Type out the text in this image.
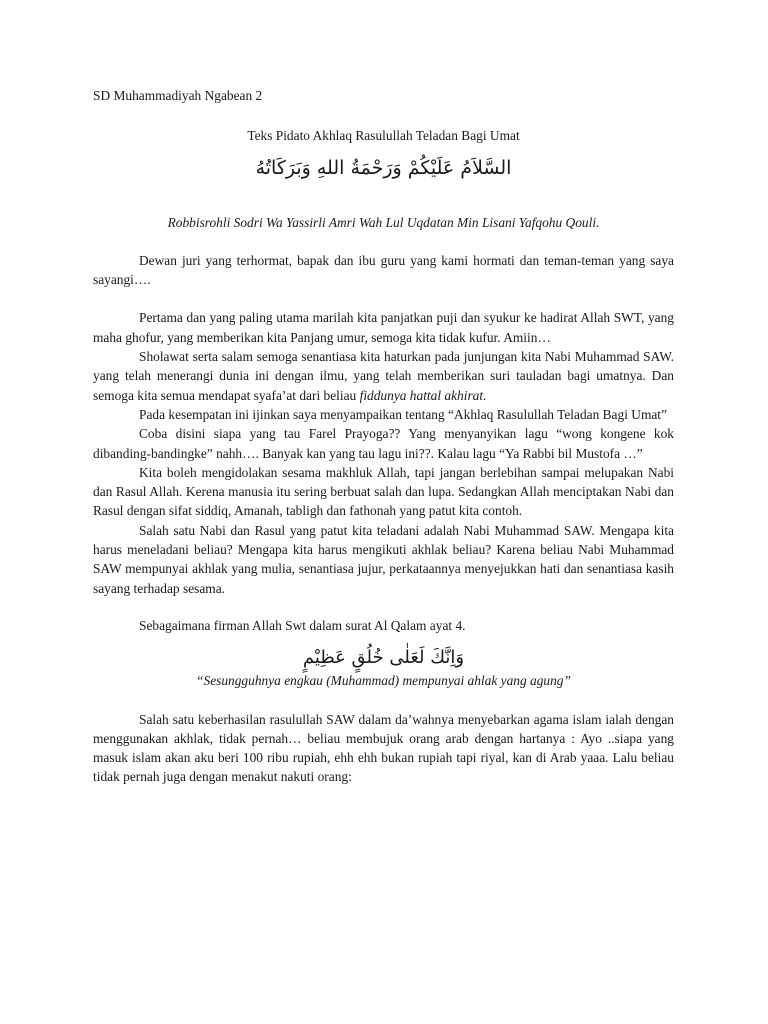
SD Muhammadiyah Ngabean 2

Teks Pidato Akhlaq Rasulullah Teladan Bagi Umat

السَّلاَمُ عَلَيْكُمْ وَرَحْمَةُ اللهِ وَبَرَكَاتُهُ

Robbisrohli Sodri Wa Yassirli Amri Wah Lul Uqdatan Min Lisani Yafqohu Qouli.

Dewan juri yang terhormat, bapak dan ibu guru yang kami hormati dan teman-teman yang saya sayangi….

Pertama dan yang paling utama marilah kita panjatkan puji dan syukur ke hadirat Allah SWT, yang maha ghofur, yang memberikan kita Panjang umur, semoga kita tidak kufur. Amiin…

Sholawat serta salam semoga senantiasa kita haturkan pada junjungan kita Nabi Muhammad SAW. yang telah menerangi dunia ini dengan ilmu, yang telah memberikan suri tauladan bagi umatnya. Dan semoga kita semua mendapat syafa’at dari beliau fiddunya hattal akhirat.

Pada kesempatan ini ijinkan saya menyampaikan tentang “Akhlaq Rasulullah Teladan Bagi Umat”

Coba disini siapa yang tau Farel Prayoga?? Yang menyanyikan lagu “wong kongene kok dibanding-bandingke” nahh…. Banyak kan yang tau lagu ini??. Kalau lagu “Ya Rabbi bil Mustofa …”

Kita boleh mengidolakan sesama makhluk Allah, tapi jangan berlebihan sampai melupakan Nabi dan Rasul Allah. Kerena manusia itu sering berbuat salah dan lupa. Sedangkan Allah menciptakan Nabi dan Rasul dengan sifat siddiq, Amanah, tabligh dan fathonah yang patut kita contoh.

Salah satu Nabi dan Rasul yang patut kita teladani adalah Nabi Muhammad SAW. Mengapa kita harus meneladani beliau? Mengapa kita harus mengikuti akhlak beliau? Karena beliau Nabi Muhammad SAW mempunyai akhlak yang mulia, senantiasa jujur, perkataannya menyejukkan hati dan senantiasa kasih sayang terhadap sesama.

Sebagaimana firman Allah Swt dalam surat Al Qalam ayat 4.

وَاِنَّكَ لَعَلٰى خُلُقٍ عَظِيْمٍ

“Sesungguhnya engkau (Muhammad) mempunyai ahlak yang agung”

Salah satu keberhasilan rasulullah SAW dalam da’wahnya menyebarkan agama islam ialah dengan menggunakan akhlak, tidak pernah… beliau membujuk orang arab dengan hartanya : Ayo ..siapa yang masuk islam akan aku beri 100 ribu rupiah, ehh ehh bukan rupiah tapi riyal, kan di Arab yaaa. Lalu beliau tidak pernah juga dengan menakut nakuti orang:
